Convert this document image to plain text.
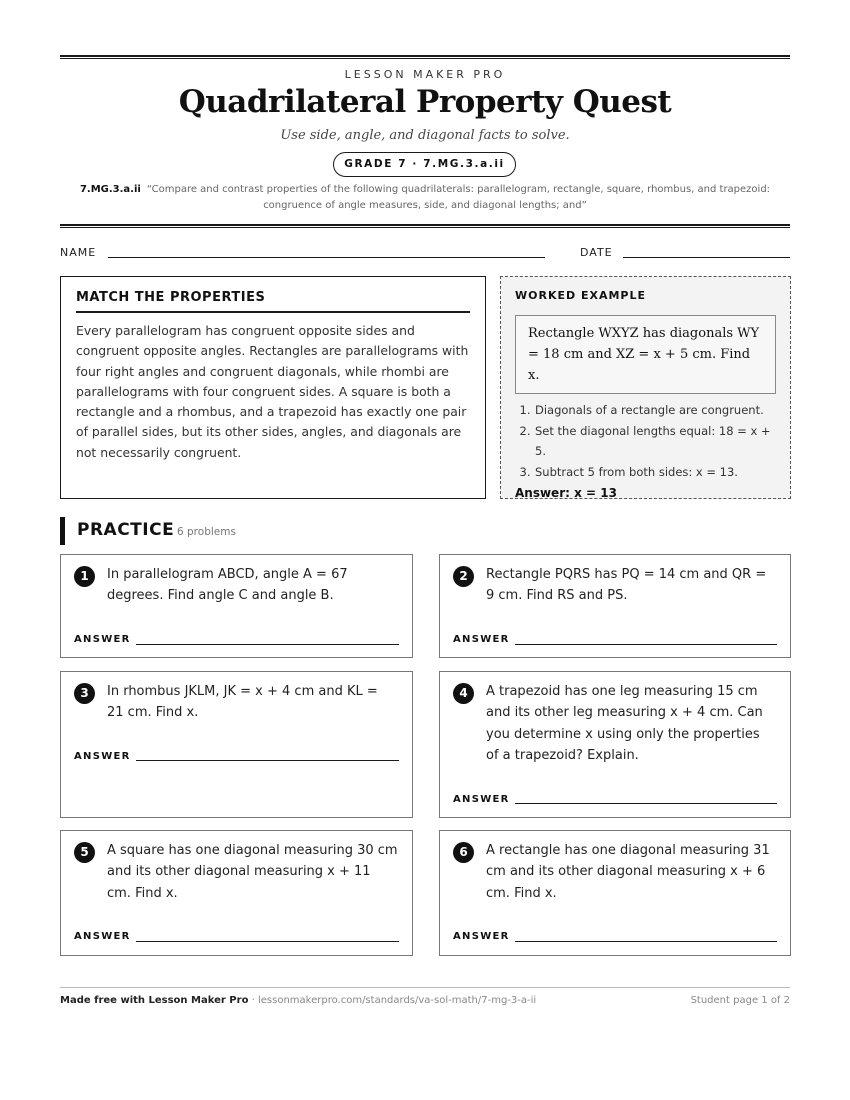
LESSON MAKER PRO
Quadrilateral Property Quest
Use side, angle, and diagonal facts to solve.
GRADE 7 · 7.MG.3.a.ii
7.MG.3.a.ii “Compare and contrast properties of the following quadrilaterals: parallelogram, rectangle, square, rhombus, and trapezoid: congruence of angle measures, side, and diagonal lengths; and”
NAME	DATE
MATCH THE PROPERTIES

Every parallelogram has congruent opposite sides and congruent opposite angles. Rectangles are parallelograms with four right angles and congruent diagonals, while rhombi are parallelograms with four congruent sides. A square is both a rectangle and a rhombus, and a trapezoid has exactly one pair of parallel sides, but its other sides, angles, and diagonals are not necessarily congruent.

WORKED EXAMPLE
Rectangle WXYZ has diagonals WY = 18 cm and XZ = x + 5 cm. Find x.
1. Diagonals of a rectangle are congruent.
2. Set the diagonal lengths equal: 18 = x + 5.
3. Subtract 5 from both sides: x = 13.
Answer: x = 13
PRACTICE 6 problems
1	In parallelogram ABCD, angle A = 67 degrees. Find angle C and angle B.
ANSWER
2	Rectangle PQRS has PQ = 14 cm and QR = 9 cm. Find RS and PS.
ANSWER
3	In rhombus JKLM, JK = x + 4 cm and KL = 21 cm. Find x.
ANSWER
4	A trapezoid has one leg measuring 15 cm and its other leg measuring x + 4 cm. Can you determine x using only the properties of a trapezoid? Explain.
ANSWER
5	A square has one diagonal measuring 30 cm and its other diagonal measuring x + 11 cm. Find x.
ANSWER
6	A rectangle has one diagonal measuring 31 cm and its other diagonal measuring x + 6 cm. Find x.
ANSWER
Made free with Lesson Maker Pro · lessonmakerpro.com/standards/va-sol-math/7-mg-3-a-ii	Student page 1 of 2
